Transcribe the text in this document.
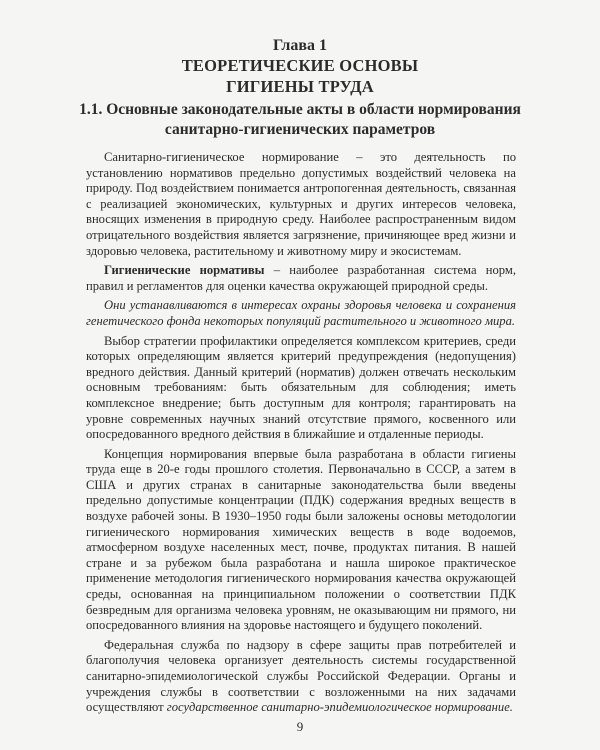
Глава 1
ТЕОРЕТИЧЕСКИЕ ОСНОВЫ
ГИГИЕНЫ ТРУДА
1.1. Основные законодательные акты в области нормирования
санитарно-гигиенических параметров

Санитарно-гигиеническое нормирование – это деятельность по установлению нормативов предельно допустимых воздействий человека на природу. Под воздействием понимается антропогенная деятельность, связанная с реализацией экономических, культурных и других интересов человека, вносящих изменения в природную среду. Наиболее распространенным видом отрицательного воздействия является загрязнение, причиняющее вред жизни и здоровью человека, растительному и животному миру и экосистемам.

Гигиенические нормативы – наиболее разработанная система норм, правил и регламентов для оценки качества окружающей природной среды.

Они устанавливаются в интересах охраны здоровья человека и сохранения генетического фонда некоторых популяций растительного и животного мира.

Выбор стратегии профилактики определяется комплексом критериев, среди которых определяющим является критерий предупреждения (недопущения) вредного действия. Данный критерий (норматив) должен отвечать нескольким основным требованиям: быть обязательным для соблюдения; иметь комплексное внедрение; быть доступным для контроля; гарантировать на уровне современных научных знаний отсутствие прямого, косвенного или опосредованного вредного действия в ближайшие и отдаленные периоды.

Концепция нормирования впервые была разработана в области гигиены труда еще в 20-е годы прошлого столетия. Первоначально в СССР, а затем в США и других странах в санитарные законодательства были введены предельно допустимые концентрации (ПДК) содержания вредных веществ в воздухе рабочей зоны. В 1930–1950 годы были заложены основы методологии гигиенического нормирования химических веществ в воде водоемов, атмосферном воздухе населенных мест, почве, продуктах питания. В нашей стране и за рубежом была разработана и нашла широкое практическое применение методология гигиенического нормирования качества окружающей среды, основанная на принципиальном положении о соответствии ПДК безвредным для организма человека уровням, не оказывающим ни прямого, ни опосредованного влияния на здоровье настоящего и будущего поколений.

Федеральная служба по надзору в сфере защиты прав потребителей и благополучия человека организует деятельность системы государственной санитарно-эпидемиологической службы Российской Федерации. Органы и учреждения службы в соответствии с возложенными на них задачами осуществляют государственное санитарно-эпидемиологическое нормирование.

9
